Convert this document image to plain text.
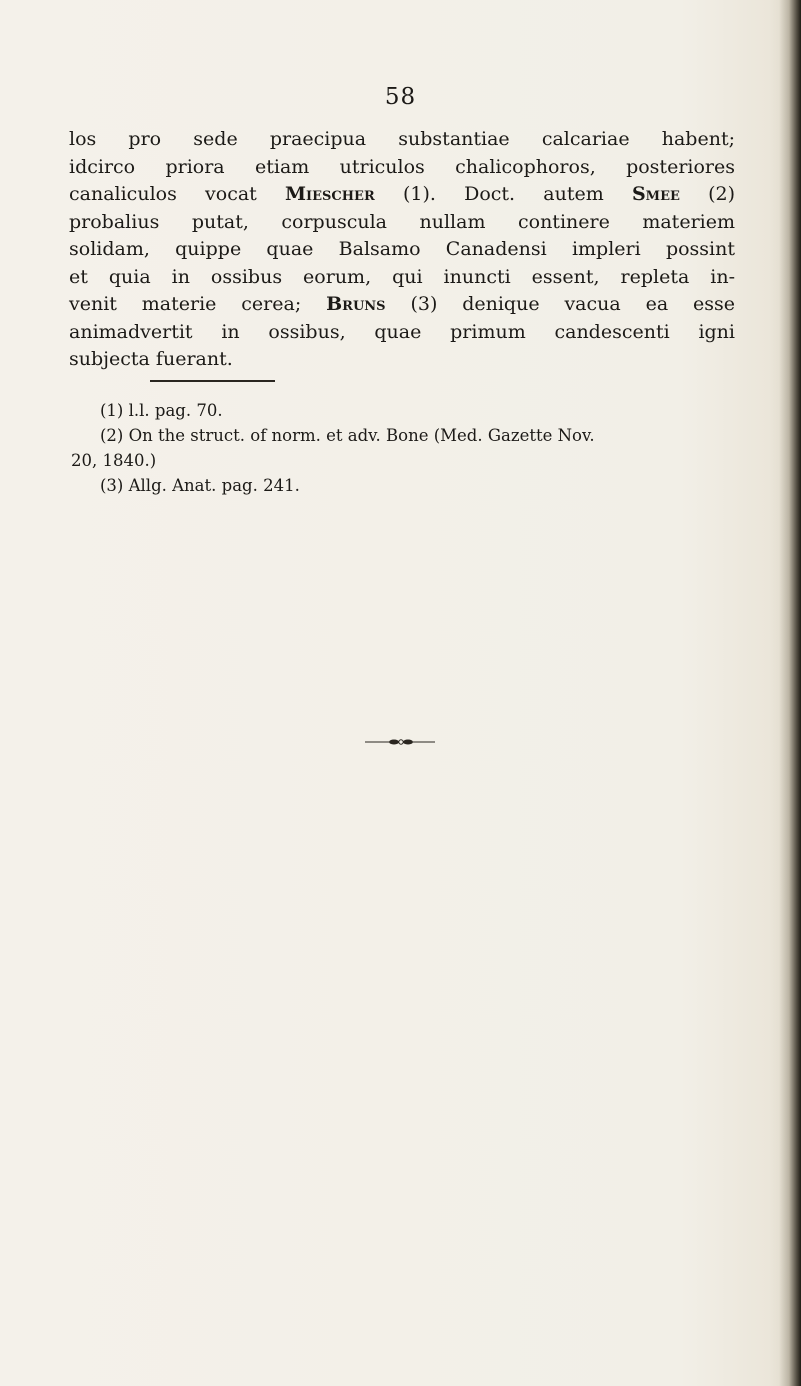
58
los pro sede praecipua substantiae calcariae habent;
idcirco priora etiam utriculos chalicophoros, posteriores
canaliculos vocat Miescher (1). Doct. autem Smee (2)
probalius putat, corpuscula nullam continere materiem
solidam, quippe quae Balsamo Canadensi impleri possint
et quia in ossibus eorum, qui inuncti essent, repleta in-
venit materie cerea; Bruns (3) denique vacua ea esse
animadvertit in ossibus, quae primum candescenti igni
subjecta fuerant.
(1) l.l. pag. 70.
(2) On the struct. of norm. et adv. Bone (Med. Gazette Nov.
20, 1840.)
(3) Allg. Anat. pag. 241.
